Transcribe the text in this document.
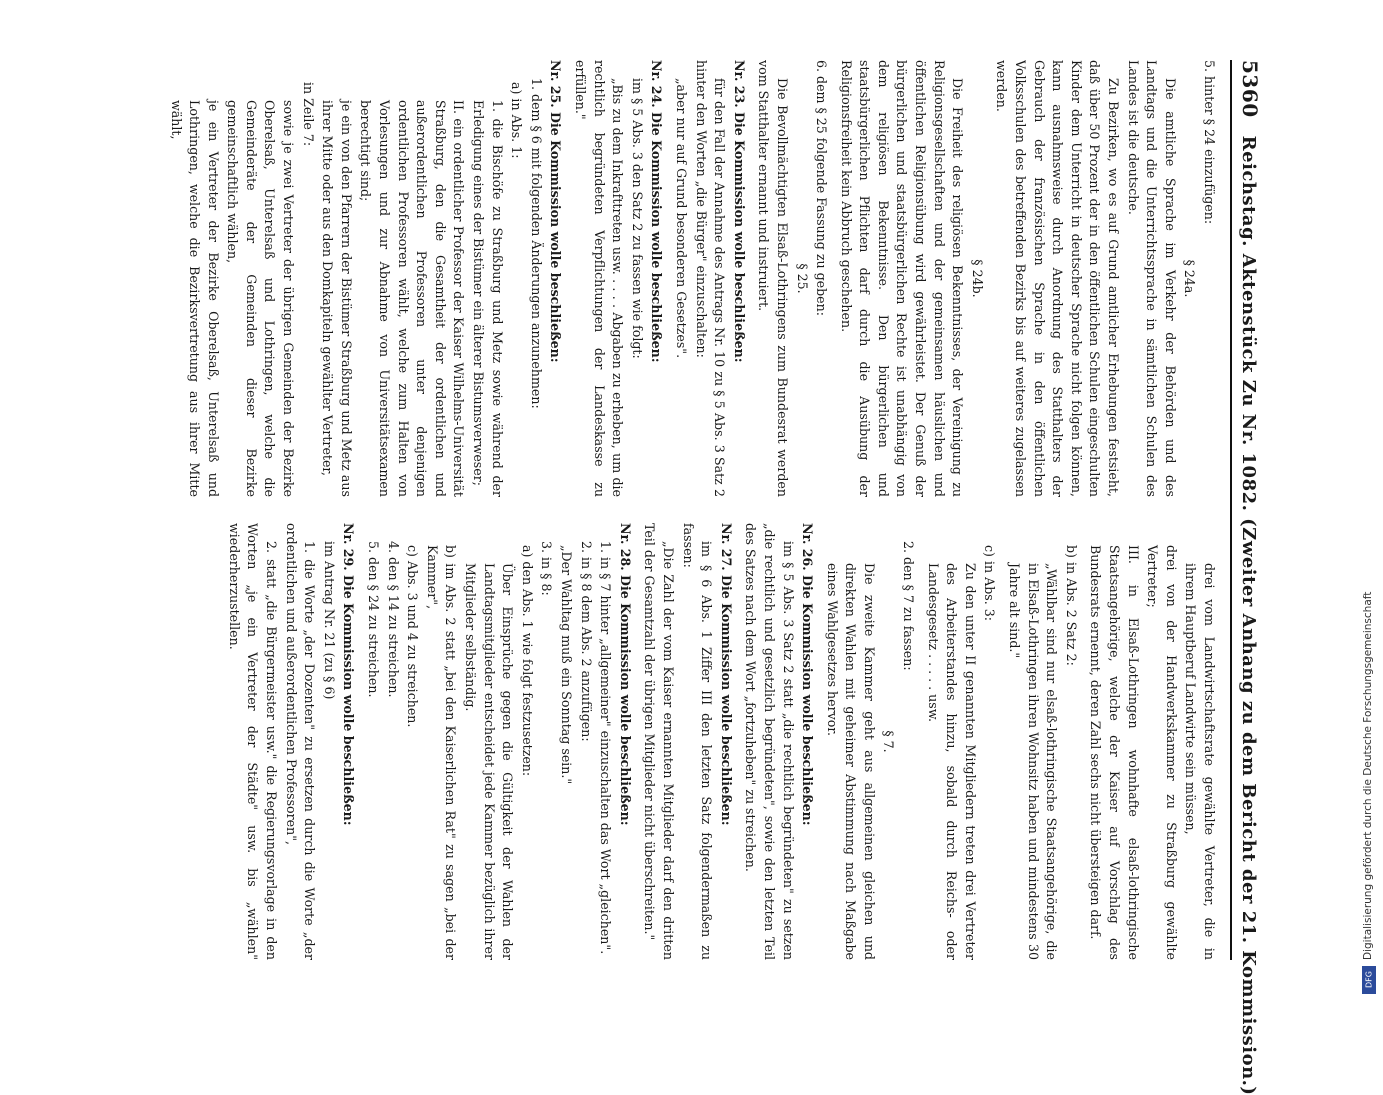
5360
Reichstag. Aktenstück Zu Nr. 1082. (Zweiter Anhang zu dem Bericht der 21. Kommission.)

5. hinter § 24 einzufügen:

§ 24a.

Die amtliche Sprache im Verkehr der Behörden und des Landtags und die Unterrichtssprache in sämtlichen Schulen des Landes ist die deutsche.

Zu Bezirken, wo es auf Grund amtlicher Erhebungen festsieht, daß über 50 Prozent der in den öffentlichen Schulen eingeschulten Kinder dem Unterricht in deutscher Sprache nicht folgen können, kann ausnahmsweise durch Anordnung des Statthalters der Gebrauch der französischen Sprache in den öffentlichen Volksschulen des betreffenden Bezirks bis auf weiteres zugelassen werden.

§ 24b.

Die Freiheit des religiösen Bekenntnisses, der Vereinigung zu Religionsgesellschaften und der gemeinsamen häuslichen und öffentlichen Religionsübung wird gewährleistet. Der Genuß der bürgerlichen und staatsbürgerlichen Rechte ist unabhängig von dem religiösen Bekenntnisse. Den bürgerlichen und staatsbürgerlichen Pflichten darf durch die Ausübung der Religionsfreiheit kein Abbruch geschehen.

6. dem § 25 folgende Fassung zu geben:

§ 25.

Die Bevollmächtigten Elsaß-Lothringens zum Bundesrat werden vom Statthalter ernannt und instruiert.

Nr. 23. Die Kommission wolle beschließen:

für den Fall der Annahme des Antrags Nr. 10 zu § 5 Abs. 3 Satz 2 hinter den Worten „die Bürger" einzuschalten:

„aber nur auf Grund besonderen Gesetzes".

Nr. 24. Die Kommission wolle beschließen:

im § 5 Abs. 3 den Satz 2 zu fassen wie folgt:

„Bis zu dem Inkrafttreten usw. . . . . Abgaben zu erheben, um die rechtlich begründeten Verpflichtungen der Landeskasse zu erfüllen."

Nr. 25. Die Kommission wolle beschließen:

1. dem § 6 mit folgenden Änderungen anzunehmen:

a) in Abs. 1:

1. die Bischöfe zu Straßburg und Metz sowie während der Erledigung eines der Bistümer ein älterer Bistumsverweser;

II. ein ordentlicher Professor der Kaiser Wilhelms-Universität Straßburg, den die Gesamtheit der ordentlichen und außerordentlichen Professoren unter denjenigen ordentlichen Professoren wählt, welche zum Halten von Vorlesungen und zur Abnahme von Universitätsexamen berechtigt sind;

je ein von den Pfarrern der Bistümer Straßburg und Metz aus ihrer Mitte oder aus den Domkapiteln gewählter Vertreter,

in Zeile 7:

sowie je zwei Vertreter der übrigen Gemeinden der Bezirke Oberelsaß, Unterelsaß und Lothringen, welche die Gemeinderäte der Gemeinden dieser Bezirke gemeinschaftlich wählen,

je ein Vertreter der Bezirke Oberelsaß, Unterelsaß und Lothringen, welche die Bezirksvertretung aus ihrer Mitte wählt,

drei vom Landwirtschaftsrate gewählte Vertreter, die in ihrem Hauptberuf Landwirte sein müssen,

drei von der Handwerkskammer zu Straßburg gewählte Vertreter;

III. in Elsaß-Lothringen wohnhafte elsaß-lothringische Staatsangehörige, welche der Kaiser auf Vorschlag des Bundesrats ernennt, deren Zahl sechs nicht übersteigen darf.

b) in Abs. 2 Satz 2:

„Wählbar sind nur elsaß-lothringische Staatsangehörige, die in Elsaß-Lothringen ihren Wohnsitz haben und mindestens 30 Jahre alt sind."

c) in Abs. 3:

Zu den unter II genannten Mitgliedern treten drei Vertreter des Arbeiterstandes hinzu, sobald durch Reichs- oder Landesgesetz . . . . . usw.

2. den § 7 zu fassen:

§ 7.

Die zweite Kammer geht aus allgemeinen gleichen und direkten Wahlen mit geheimer Abstimmung nach Maßgabe eines Wahlgesetzes hervor.

Nr. 26. Die Kommission wolle beschließen:

im § 5 Abs. 3 Satz 2 statt „die rechtlich begründeten" zu setzen „die rechtlich und gesetzlich begründeten", sowie den letzten Teil des Satzes nach dem Wort „fortzuheben" zu streichen.

Nr. 27. Die Kommission wolle beschließen:

im § 6 Abs. 1 Ziffer III den letzten Satz folgendermaßen zu fassen:

„Die Zahl der vom Kaiser ernannten Mitglieder darf den dritten Teil der Gesamtzahl der übrigen Mitglieder nicht überschreiten."

Nr. 28. Die Kommission wolle beschließen:

1. in § 7 hinter „allgemeiner" einzuschalten das Wort „gleichen".

2. in § 8 dem Abs. 2 anzufügen:

„Der Wahltag muß ein Sonntag sein."

3. in § 8:

a) den Abs. 1 wie folgt festzusetzen:

Über Einsprüche gegen die Gültigkeit der Wahlen der Landtagsmitglieder entscheidet jede Kammer bezüglich ihrer Mitglieder selbständig.

b) im Abs. 2 statt „bei den Kaiserlichen Rat" zu sagen „bei der Kammer",

c) Abs. 3 und 4 zu streichen.

4. den § 14 zu streichen.

5. den § 24 zu streichen.

Nr. 29. Die Kommission wolle beschließen:

im Antrag Nr. 21 (zu § 6)

1. die Worte „der Dozenten" zu ersetzen durch die Worte „der ordentlichen und außerordentlichen Professoren",

2. statt „die Bürgermeister usw." die Regierungsvorlage in den Worten „je ein Vertreter der Städte" usw. bis „wählen" wiederherzustellen.

Digitalisierung gefördert durch die Deutsche Forschungsgemeinschaft
DFG
